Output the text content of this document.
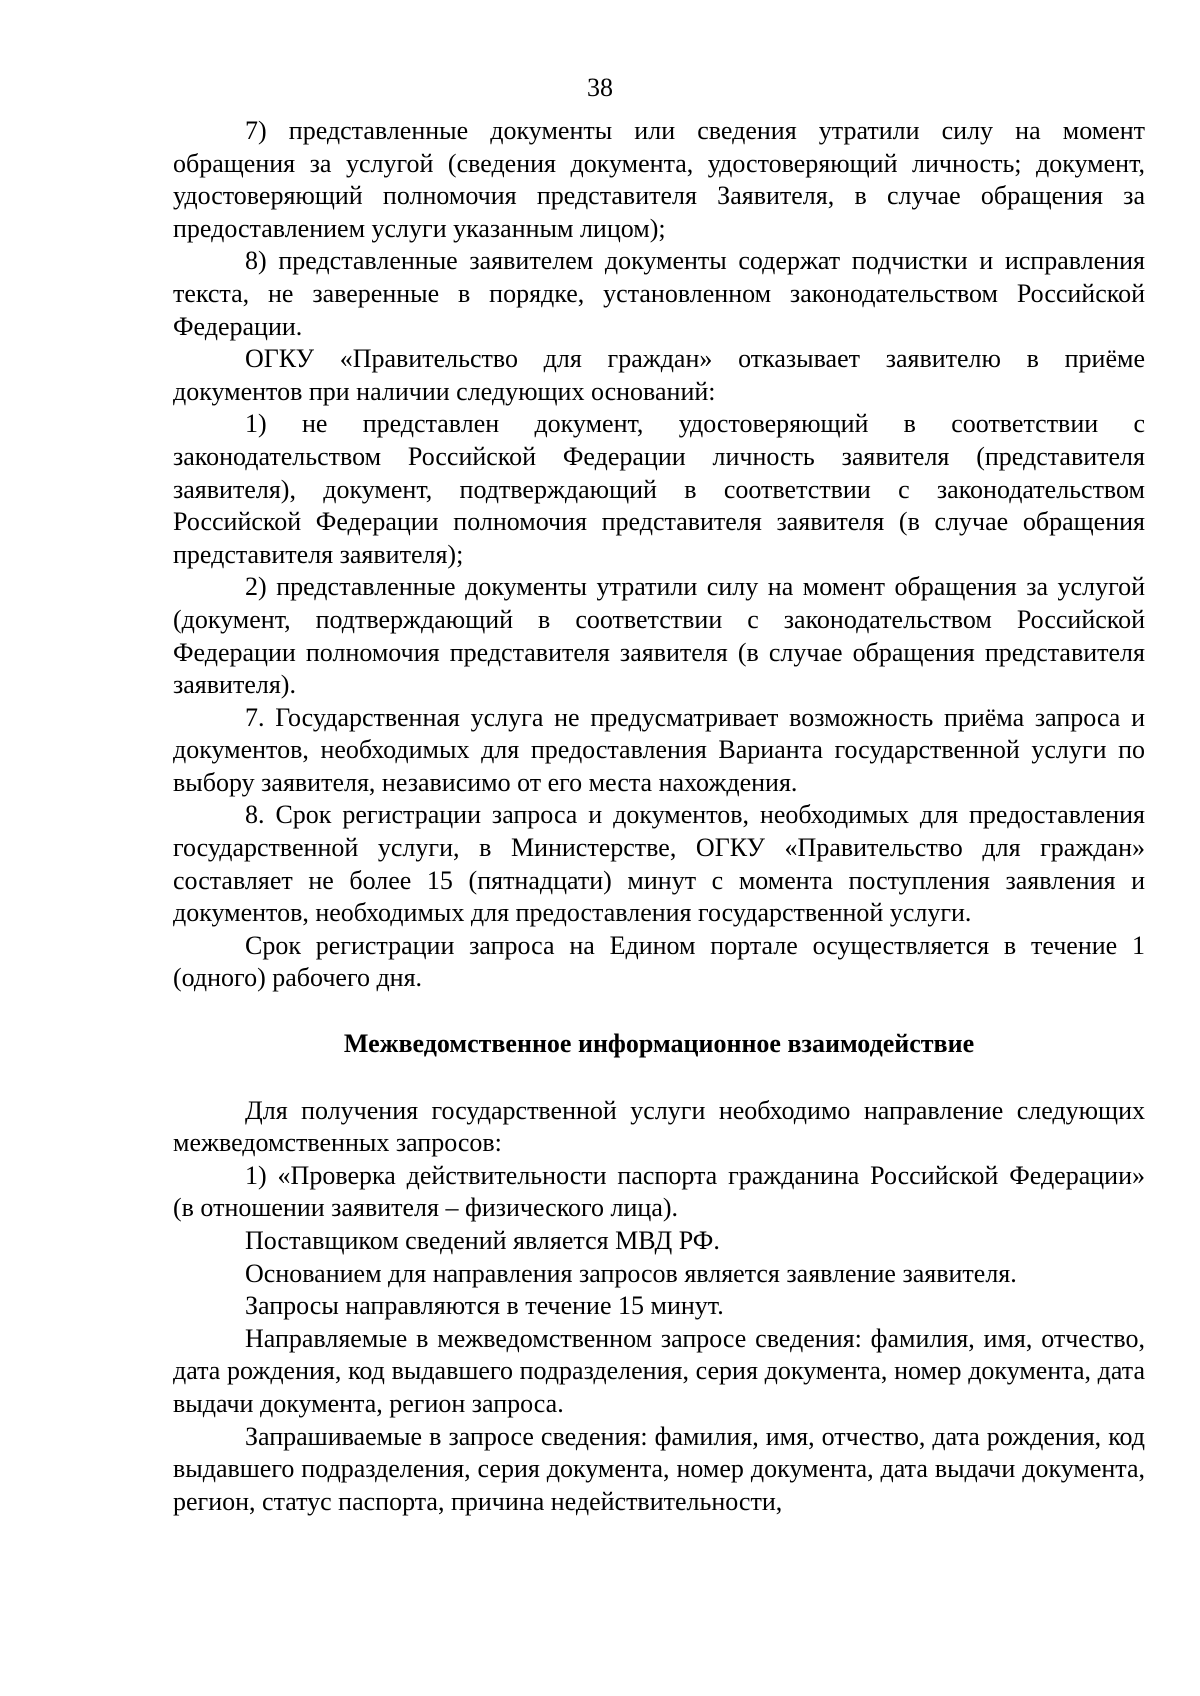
38

7) представленные документы или сведения утратили силу на момент обращения за услугой (сведения документа, удостоверяющий личность; документ, удостоверяющий полномочия представителя Заявителя, в случае обращения за предоставлением услуги указанным лицом);

8) представленные заявителем документы содержат подчистки и исправления текста, не заверенные в порядке, установленном законодательством Российской Федерации.

ОГКУ «Правительство для граждан» отказывает заявителю в приёме документов при наличии следующих оснований:

1) не представлен документ, удостоверяющий в соответствии с законодательством Российской Федерации личность заявителя (представителя заявителя), документ, подтверждающий в соответствии с законодательством Российской Федерации полномочия представителя заявителя (в случае обращения представителя заявителя);

2) представленные документы утратили силу на момент обращения за услугой (документ, подтверждающий в соответствии с законодательством Российской Федерации полномочия представителя заявителя (в случае обращения представителя заявителя).

7. Государственная услуга не предусматривает возможность приёма запроса и документов, необходимых для предоставления Варианта государственной услуги по выбору заявителя, независимо от его места нахождения.

8. Срок регистрации запроса и документов, необходимых для предоставления государственной услуги, в Министерстве, ОГКУ «Правительство для граждан» составляет не более 15 (пятнадцати) минут с момента поступления заявления и документов, необходимых для предоставления государственной услуги.

Срок регистрации запроса на Едином портале осуществляется в течение 1 (одного) рабочего дня.

Межведомственное информационное взаимодействие

Для получения государственной услуги необходимо направление следующих межведомственных запросов:

1) «Проверка действительности паспорта гражданина Российской Федерации» (в отношении заявителя – физического лица).

Поставщиком сведений является МВД РФ.

Основанием для направления запросов является заявление заявителя.

Запросы направляются в течение 15 минут.

Направляемые в межведомственном запросе сведения: фамилия, имя, отчество, дата рождения, код выдавшего подразделения, серия документа, номер документа, дата выдачи документа, регион запроса.

Запрашиваемые в запросе сведения: фамилия, имя, отчество, дата рождения, код выдавшего подразделения, серия документа, номер документа, дата выдачи документа, регион, статус паспорта, причина недействительности,
